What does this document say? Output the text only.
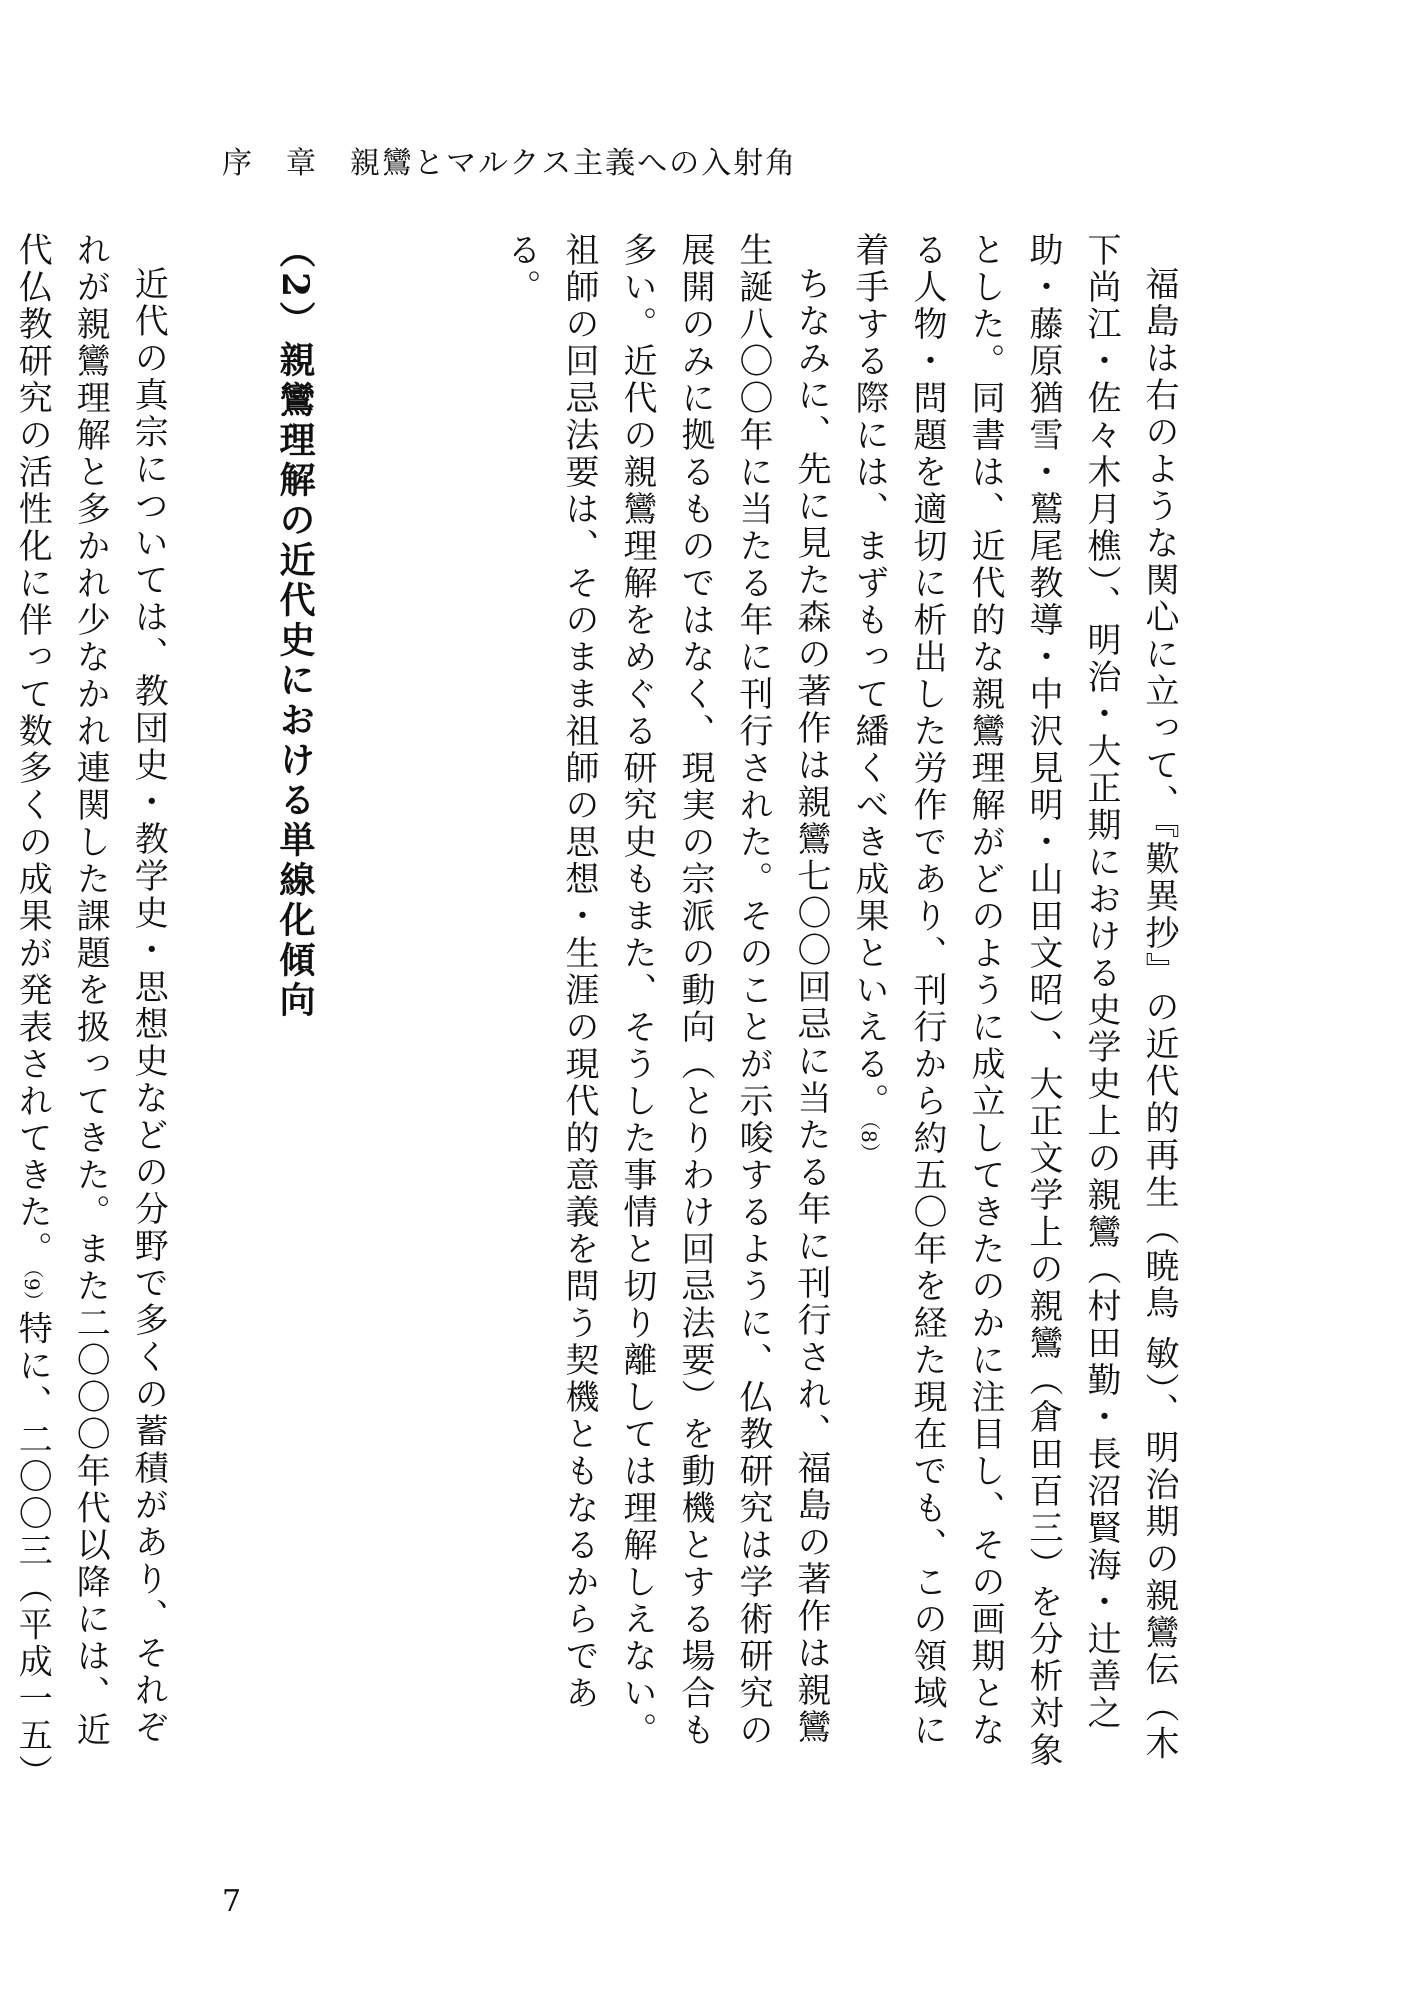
序　章　親鸞とマルクス主義への入射角

福島は右のような関心に立って、『歎異抄』の近代的再生（暁鳥 敏）、明治期の親鸞伝（木下尚江・佐々木月樵）、明治・大正期における史学史上の親鸞（村田勤・長沼賢海・辻善之助・藤原猶雪・鷲尾教導・中沢見明・山田文昭）、大正文学上の親鸞（倉田百三）を分析対象とした。同書は、近代的な親鸞理解がどのように成立してきたのかに注目し、その画期となる人物・問題を適切に析出した労作であり、刊行から約五〇年を経た現在でも、この領域に着手する際には、まずもって繙くべき成果といえる。（8）

ちなみに、先に見た森の著作は親鸞七〇〇回忌に当たる年に刊行され、福島の著作は親鸞生誕八〇〇年に当たる年に刊行された。そのことが示唆するように、仏教研究は学術研究の展開のみに拠るものではなく、現実の宗派の動向（とりわけ回忌法要）を動機とする場合も多い。近代の親鸞理解をめぐる研究史もまた、そうした事情と切り離しては理解しえない。祖師の回忌法要は、そのまま祖師の思想・生涯の現代的意義を問う契機ともなるからである。

（2）親鸞理解の近代史における単線化傾向

近代の真宗については、教団史・教学史・思想史などの分野で多くの蓄積があり、それぞれが親鸞理解と多かれ少なかれ連関した課題を扱ってきた。また二〇〇〇年代以降には、近代仏教研究の活性化に伴って数多くの成果が発表されてきた。（9）特に、二〇〇三（平成一五）

7
